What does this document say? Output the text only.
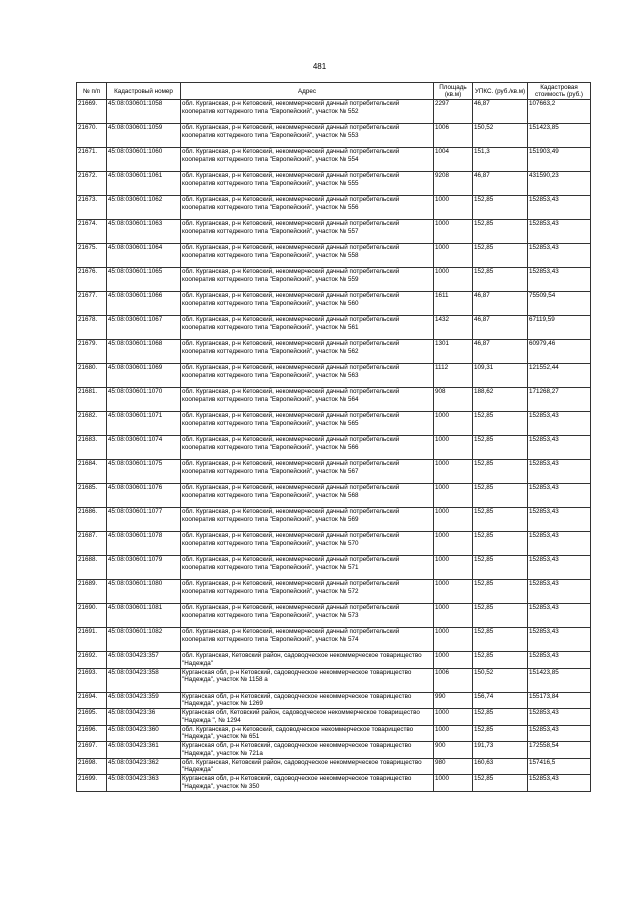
481
№ п/п	Кадастровый номер	Адрес	Площадь (кв.м)	УПКС. (руб./кв.м)	Кадастровая стоимость (руб.)
21669.	45:08:030601:1058	обл. Курганская, р-н Кетовский, некоммерческий дачный потребительский кооператив коттеджного типа "Европейский", участок № 552	2297	46,87	107663,2
21670.	45:08:030601:1059	обл. Курганская, р-н Кетовский, некоммерческий дачный потребительский кооператив коттеджного типа "Европейский", участок № 553	1006	150,52	151423,85
21671.	45:08:030601:1060	обл. Курганская, р-н Кетовский, некоммерческий дачный потребительский кооператив коттеджного типа "Европейский", участок № 554	1004	151,3	151903,49
21672.	45:08:030601:1061	обл. Курганская, р-н Кетовский, некоммерческий дачный потребительский кооператив коттеджного типа "Европейский", участок № 555	9208	46,87	431590,23
21673.	45:08:030601:1062	обл. Курганская, р-н Кетовский, некоммерческий дачный потребительский кооператив коттеджного типа "Европейский", участок № 556	1000	152,85	152853,43
21674.	45:08:030601:1063	обл. Курганская, р-н Кетовский, некоммерческий дачный потребительский кооператив коттеджного типа "Европейский", участок № 557	1000	152,85	152853,43
21675.	45:08:030601:1064	обл. Курганская, р-н Кетовский, некоммерческий дачный потребительский кооператив коттеджного типа "Европейский", участок № 558	1000	152,85	152853,43
21676.	45:08:030601:1065	обл. Курганская, р-н Кетовский, некоммерческий дачный потребительский кооператив коттеджного типа "Европейский", участок № 559	1000	152,85	152853,43
21677.	45:08:030601:1066	обл. Курганская, р-н Кетовский, некоммерческий дачный потребительский кооператив коттеджного типа "Европейский", участок № 560	1611	46,87	75509,54
21678.	45:08:030601:1067	обл. Курганская, р-н Кетовский, некоммерческий дачный потребительский кооператив коттеджного типа "Европейский", участок № 561	1432	46,87	67119,59
21679.	45:08:030601:1068	обл. Курганская, р-н Кетовский, некоммерческий дачный потребительский кооператив коттеджного типа "Европейский", участок № 562	1301	46,87	60979,46
21680.	45:08:030601:1069	обл. Курганская, р-н Кетовский, некоммерческий дачный потребительский кооператив коттеджного типа "Европейский", участок № 563	1112	109,31	121552,44
21681.	45:08:030601:1070	обл. Курганская, р-н Кетовский, некоммерческий дачный потребительский кооператив коттеджного типа "Европейский", участок № 564	908	188,62	171268,27
21682.	45:08:030601:1071	обл. Курганская, р-н Кетовский, некоммерческий дачный потребительский кооператив коттеджного типа "Европейский", участок № 565	1000	152,85	152853,43
21683.	45:08:030601:1074	обл. Курганская, р-н Кетовский, некоммерческий дачный потребительский кооператив коттеджного типа "Европейский", участок № 566	1000	152,85	152853,43
21684.	45:08:030601:1075	обл. Курганская, р-н Кетовский, некоммерческий дачный потребительский кооператив коттеджного типа "Европейский", участок № 567	1000	152,85	152853,43
21685.	45:08:030601:1076	обл. Курганская, р-н Кетовский, некоммерческий дачный потребительский кооператив коттеджного типа "Европейский", участок № 568	1000	152,85	152853,43
21686.	45:08:030601:1077	обл. Курганская, р-н Кетовский, некоммерческий дачный потребительский кооператив коттеджного типа "Европейский", участок № 569	1000	152,85	152853,43
21687.	45:08:030601:1078	обл. Курганская, р-н Кетовский, некоммерческий дачный потребительский кооператив коттеджного типа "Европейский", участок № 570	1000	152,85	152853,43
21688.	45:08:030601:1079	обл. Курганская, р-н Кетовский, некоммерческий дачный потребительский кооператив коттеджного типа "Европейский", участок № 571	1000	152,85	152853,43
21689.	45:08:030601:1080	обл. Курганская, р-н Кетовский, некоммерческий дачный потребительский кооператив коттеджного типа "Европейский", участок № 572	1000	152,85	152853,43
21690.	45:08:030601:1081	обл. Курганская, р-н Кетовский, некоммерческий дачный потребительский кооператив коттеджного типа "Европейский", участок № 573	1000	152,85	152853,43
21691.	45:08:030601:1082	обл. Курганская, р-н Кетовский, некоммерческий дачный потребительский кооператив коттеджного типа "Европейский", участок № 574	1000	152,85	152853,43
21692.	45:08:030423:357	обл. Курганская, Кетовский район, садоводческое некоммерческое товарищество "Надежда"	1000	152,85	152853,43
21693.	45:08:030423:358	Курганская обл, р-н Кетовский, садоводческое некоммерческое товарищество "Надежда", участок № 1158 а	1006	150,52	151423,85
21694.	45:08:030423:359	Курганская обл, р-н Кетовский, садоводческое некоммерческое товарищество "Надежда", участок № 1269	990	156,74	155173,84
21695.	45:08:030423:36	Курганская обл, Кетовский район, садоводческое некоммерческое товарищество "Надежда ", № 1294	1000	152,85	152853,43
21696.	45:08:030423:360	обл. Курганская, р-н Кетовский, садоводческое некоммерческое товарищество "Надежда", участок № 651	1000	152,85	152853,43
21697.	45:08:030423:361	Курганская обл, р-н Кетовский, садоводческое некоммерческое товарищество "Надежда", участок № 721а	900	191,73	172558,54
21698.	45:08:030423:362	обл. Курганская, Кетовский район, садоводческое некоммерческое товарищество "Надежда"	980	160,63	157416,5
21699.	45:08:030423:363	Курганская обл, р-н Кетовский, садоводческое некоммерческое товарищество "Надежда", участок № 350	1000	152,85	152853,43
